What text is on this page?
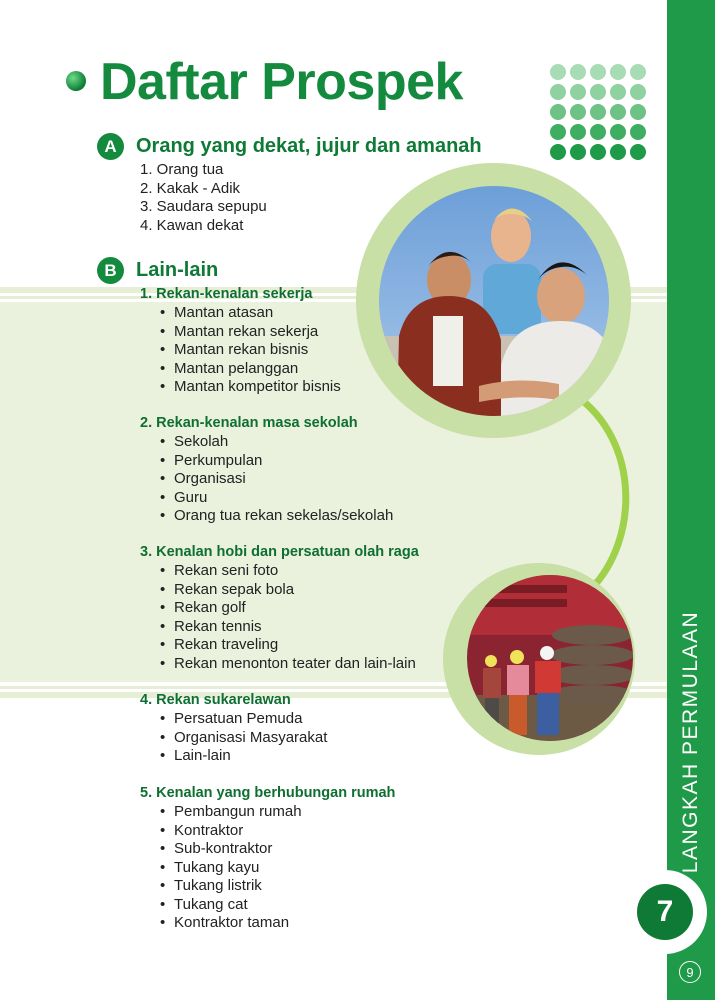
LANGKAH PERMULAAN
7
9
Daftar Prospek
A Orang yang dekat, jujur dan amanah
1. Orang tua
2. Kakak - Adik
3. Saudara sepupu
4. Kawan dekat
B Lain-lain
1. Rekan-kenalan sekerja
• Mantan atasan
• Mantan rekan sekerja
• Mantan rekan bisnis
• Mantan pelanggan
• Mantan kompetitor bisnis
2. Rekan-kenalan masa sekolah
• Sekolah
• Perkumpulan
• Organisasi
• Guru
• Orang tua rekan sekelas/sekolah
3. Kenalan hobi dan persatuan olah raga
• Rekan seni foto
• Rekan sepak bola
• Rekan golf
• Rekan tennis
• Rekan traveling
• Rekan menonton teater dan lain-lain
4. Rekan sukarelawan
• Persatuan Pemuda
• Organisasi Masyarakat
• Lain-lain
5. Kenalan yang berhubungan rumah
• Pembangun rumah
• Kontraktor
• Sub-kontraktor
• Tukang kayu
• Tukang listrik
• Tukang cat
• Kontraktor taman
